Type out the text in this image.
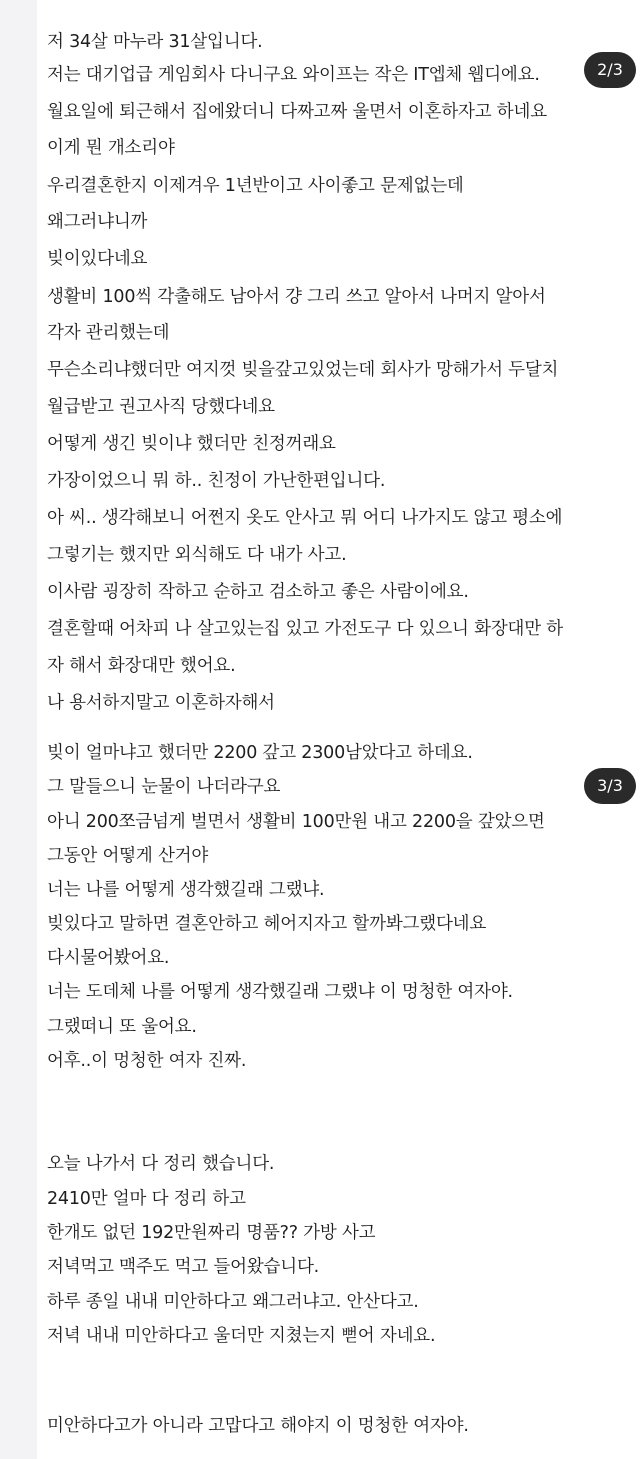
2/3
저 34살 마누라 31살입니다.
저는 대기업급 게임회사 다니구요 와이프는 작은 IT엡체 웹디에요.
월요일에 퇴근해서 집에왔더니 다짜고짜 울면서 이혼하자고 하네요
이게 뭔 개소리야
우리결혼한지 이제겨우 1년반이고 사이좋고 문제없는데
왜그러냐니까
빚이있다네요
생활비 100씩 각출해도 남아서 걍 그리 쓰고 알아서 나머지 알아서
각자 관리했는데
무슨소리냐했더만 여지껏 빚을갚고있었는데 회사가 망해가서 두달치
월급받고 권고사직 당했다네요
어떻게 생긴 빚이냐 했더만 친정꺼래요
가장이었으니 뭐 하.. 친정이 가난한편입니다.
아 씨.. 생각해보니 어쩐지 옷도 안사고 뭐 어디 나가지도 않고 평소에
그렇기는 했지만 외식해도 다 내가 사고.
이사람 굉장히 작하고 순하고 검소하고 좋은 사람이에요.
결혼할때 어차피 나 살고있는집 있고 가전도구 다 있으니 화장대만 하
자 해서 화장대만 했어요.
나 용서하지말고 이혼하자해서
3/3
빚이 얼마냐고 했더만 2200 갚고 2300남았다고 하데요.
그 말들으니 눈물이 나더라구요
아니 200쪼금넘게 벌면서 생활비 100만원 내고 2200을 갚았으면
그동안 어떻게 산거야
너는 나를 어떻게 생각했길래 그랬냐.
빚있다고 말하면 결혼안하고 헤어지자고 할까봐그랬다네요
다시물어봤어요.
너는 도데체 나를 어떻게 생각했길래 그랬냐 이 멍청한 여자야.
그랬떠니 또 울어요.
어후..이 멍청한 여자 진짜.
오늘 나가서 다 정리 했습니다.
2410만 얼마 다 정리 하고
한개도 없던 192만원짜리 명품?? 가방 사고
저녁먹고 맥주도 먹고 들어왔습니다.
하루 종일 내내 미안하다고 왜그러냐고. 안산다고.
저녁 내내 미안하다고 울더만 지쳤는지 뻗어 자네요.
미안하다고가 아니라 고맙다고 해야지 이 멍청한 여자야.
